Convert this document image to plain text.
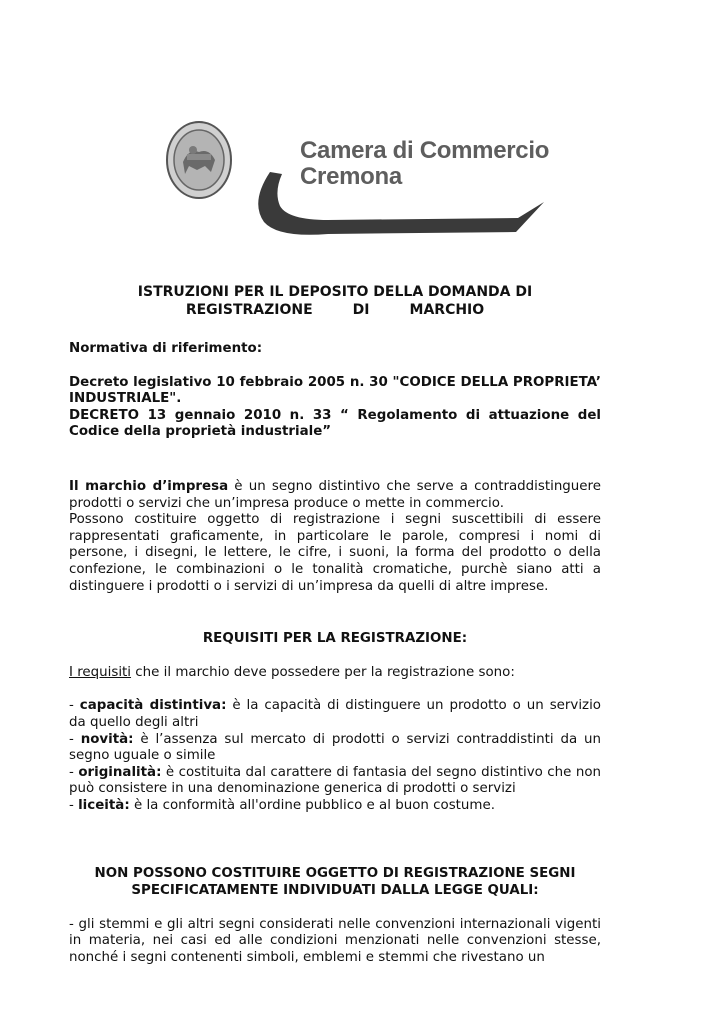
Camera di Commercio
Cremona
ISTRUZIONI PER IL DEPOSITO DELLA DOMANDA DI
REGISTRAZIONE	DI	MARCHIO

Normativa di riferimento:

Decreto legislativo 10 febbraio 2005 n. 30 "CODICE DELLA PROPRIETA’ INDUSTRIALE".

DECRETO 13 gennaio 2010 n. 33 “ Regolamento di attuazione del Codice della proprietà industriale”

Il marchio d’impresa è un segno distintivo che serve a contraddistinguere prodotti o servizi che un’impresa produce o mette in commercio.

Possono costituire oggetto di registrazione i segni suscettibili di essere rappresentati graficamente, in particolare le parole, compresi i nomi di persone, i disegni, le lettere, le cifre, i suoni, la forma del prodotto o della confezione, le combinazioni o le tonalità cromatiche, purchè siano atti a distinguere i prodotti o i servizi di un’impresa da quelli di altre imprese.

REQUISITI PER LA REGISTRAZIONE:

I requisiti che il marchio deve possedere per la registrazione sono:

- capacità distintiva: è la capacità di distinguere un prodotto o un servizio da quello degli altri

- novità: è l’assenza sul mercato di prodotti o servizi contraddistinti da un segno uguale o simile

- originalità: è costituita dal carattere di fantasia del segno distintivo che non può consistere in una denominazione generica di prodotti o servizi

- liceità: è la conformità all'ordine pubblico e al buon costume.

NON POSSONO COSTITUIRE OGGETTO DI REGISTRAZIONE SEGNI
SPECIFICATAMENTE INDIVIDUATI DALLA LEGGE QUALI:

- gli stemmi e gli altri segni considerati nelle convenzioni internazionali vigenti in materia, nei casi ed alle condizioni menzionati nelle convenzioni stesse, nonché i segni contenenti simboli, emblemi e stemmi che rivestano un
